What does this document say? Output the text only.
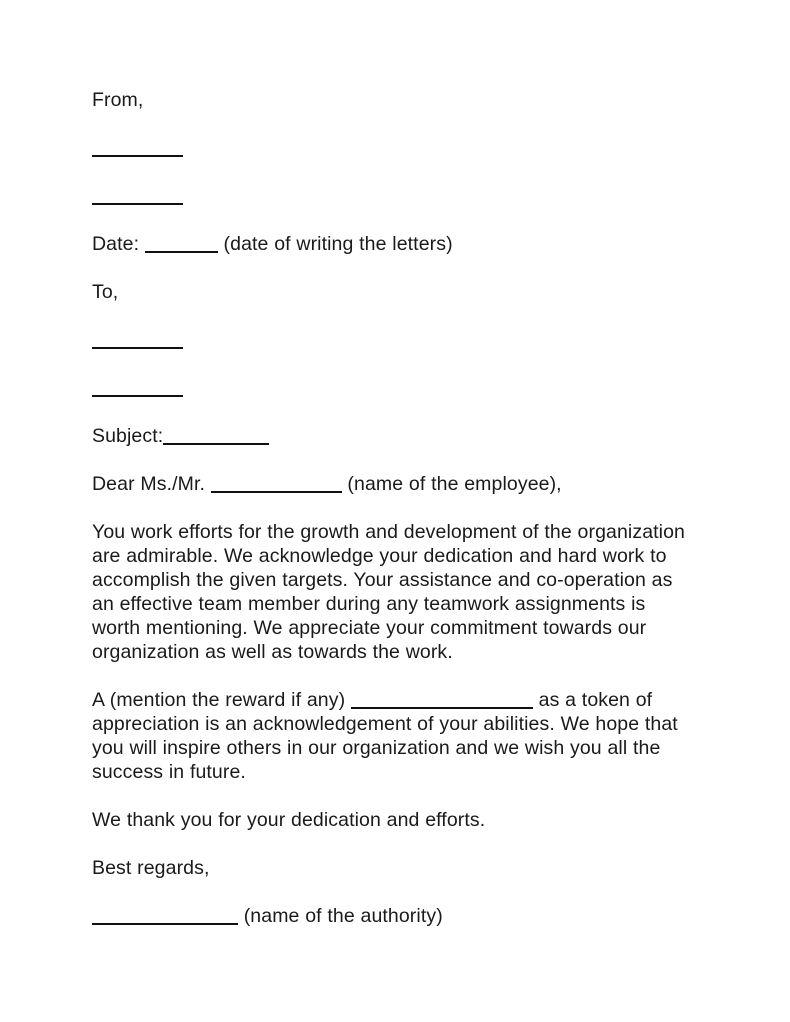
From,

Date:	(date of writing the letters)

To,

Subject:

Dear Ms./Mr.	(name of the employee),

You work efforts for the growth and development of the organization are admirable. We acknowledge your dedication and hard work to accomplish the given targets. Your assistance and co-operation as an effective team member during any teamwork assignments is worth mentioning. We appreciate your commitment towards our organization as well as towards the work.

A (mention the reward if any)	as a token of appreciation is an acknowledgement of your abilities. We hope that you will inspire others in our organization and we wish you all the success in future.

We thank you for your dedication and efforts.

Best regards,

(name of the authority)
